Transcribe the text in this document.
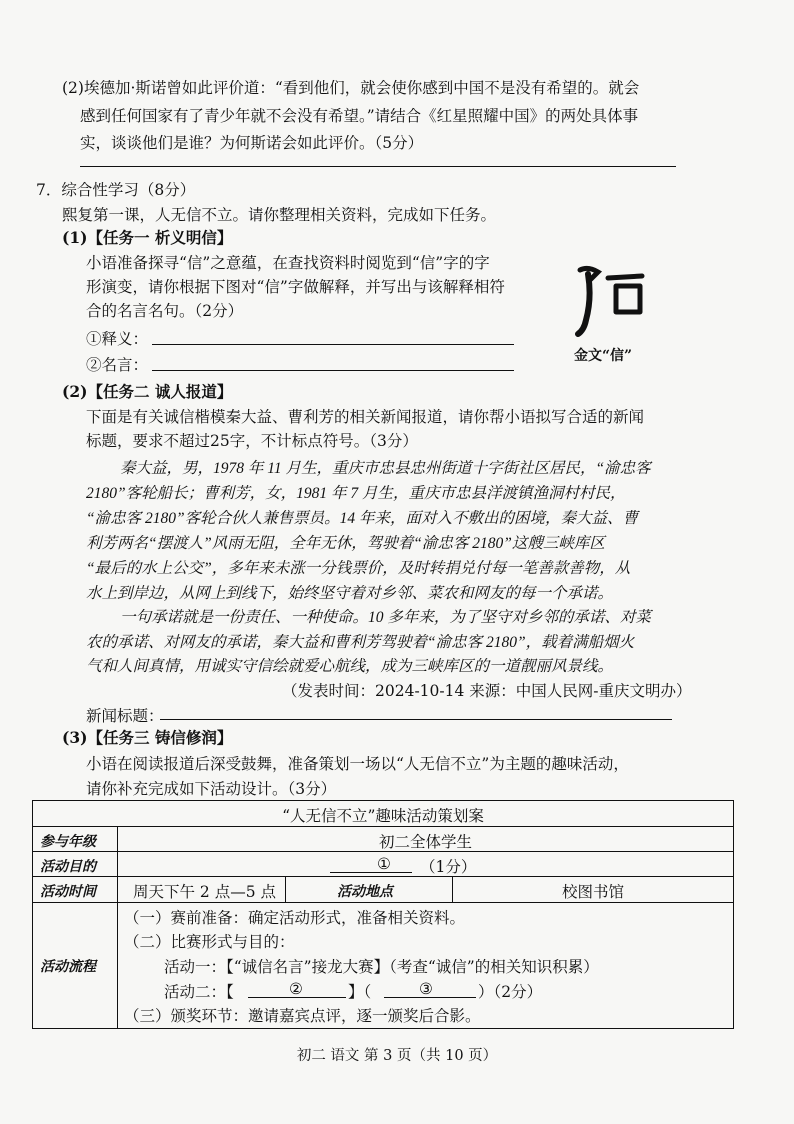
(2)埃德加·斯诺曾如此评价道：“看到他们，就会使你感到中国不是没有希望的。就会
感到任何国家有了青少年就不会没有希望。”请结合《红星照耀中国》的两处具体事
实，谈谈他们是谁？为何斯诺会如此评价。（5分）
7．综合性学习（8分）
熙复第一课，人无信不立。请你整理相关资料，完成如下任务。
(1)【任务一 析义明信】
小语准备探寻“信”之意蕴，在查找资料时阅览到“信”字的字
形演变，请你根据下图对“信”字做解释，并写出与该解释相符
合的名言名句。（2分）
①释义：
②名言：	金文“信”
(2)【任务二 诚人报道】
下面是有关诚信楷模秦大益、曹利芳的相关新闻报道，请你帮小语拟写合适的新闻
标题，要求不超过25字，不计标点符号。（3分）
秦大益，男，1978 年 11 月生，重庆市忠县忠州街道十字街社区居民，“渝忠客
2180”客轮船长；曹利芳，女，1981 年 7 月生，重庆市忠县洋渡镇渔洞村村民，
“渝忠客 2180”客轮合伙人兼售票员。14 年来，面对入不敷出的困境，秦大益、曹
利芳两名“摆渡人”风雨无阻，全年无休，驾驶着“渝忠客 2180”这艘三峡库区
“最后的水上公交”，多年来未涨一分钱票价，及时转捐兑付每一笔善款善物，从
水上到岸边，从网上到线下，始终坚守着对乡邻、菜农和网友的每一个承诺。
一句承诺就是一份责任、一种使命。10 多年来，为了坚守对乡邻的承诺、对菜
农的承诺、对网友的承诺，秦大益和曹利芳驾驶着“渝忠客 2180”，载着满船烟火
气和人间真情，用诚实守信绘就爱心航线，成为三峡库区的一道靓丽风景线。
（发表时间：2024-10-14 来源：中国人民网-重庆文明办）
新闻标题：
(3)【任务三 铸信修润】
小语在阅读报道后深受鼓舞，准备策划一场以“人无信不立”为主题的趣味活动，
请你补充完成如下活动设计。（3分）
“人无信不立”趣味活动策划案
参与年级	初二全体学生
活动目的	①	（1分）
活动时间 周天下午 2 点—5 点	活动地点	校图书馆
活动流程
（一）赛前准备：确定活动形式，准备相关资料。
（二）比赛形式与目的：
活动一：【“诚信名言”接龙大赛】（考查“诚信”的相关知识积累）
活动二：【	②	】（	③	）（2分）
（三）颁奖环节：邀请嘉宾点评，逐一颁奖后合影。
初二 语文 第 3 页（共 10 页）
